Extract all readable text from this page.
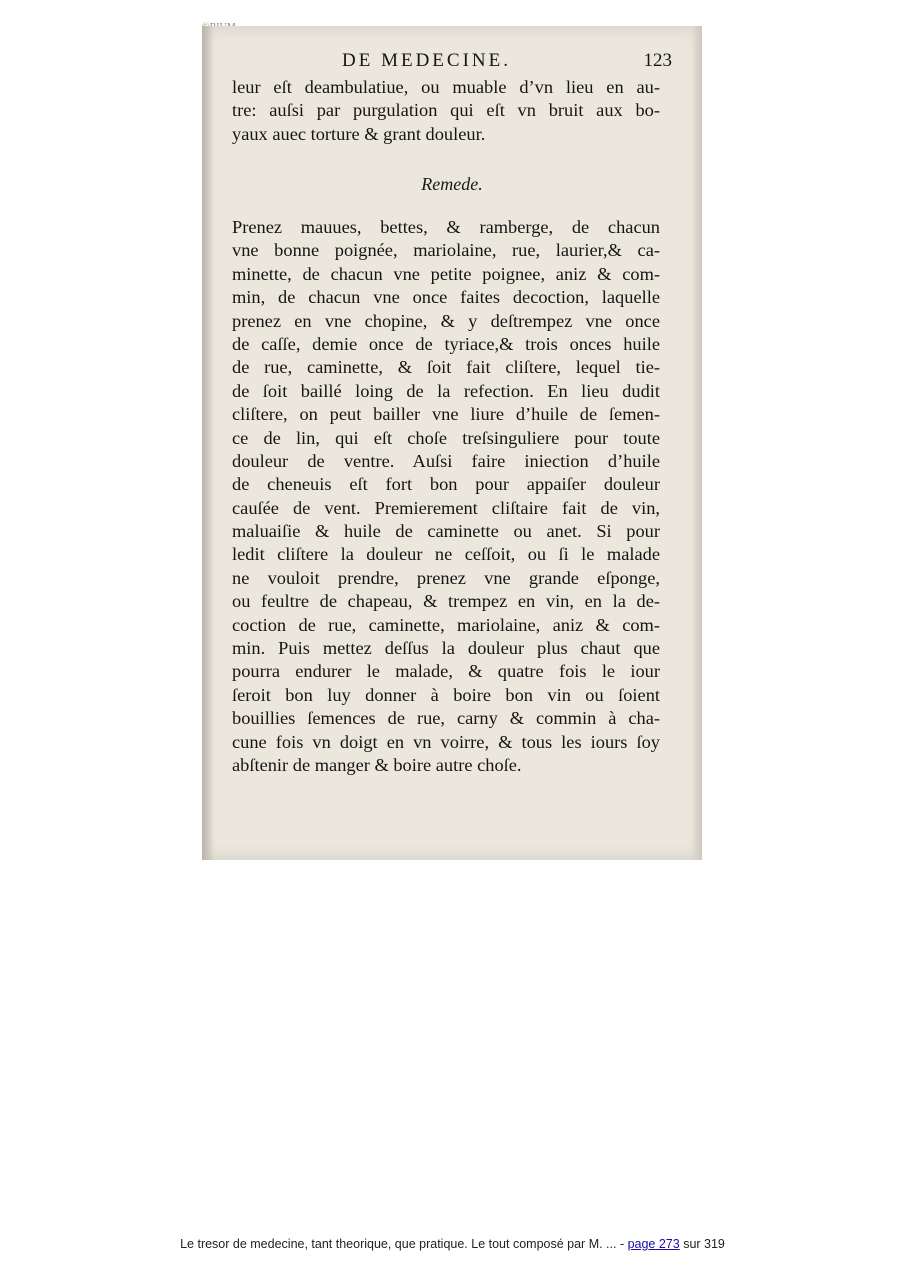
DE MEDECINE.	123
leur eſt deambulatiue, ou muable d’vn lieu en au-
tre: auſsi par purgulation qui eſt vn bruit aux bo-
yaux auec torture & grant douleur.
Remede.
Prenez mauues, bettes, & ramberge, de chacun
vne bonne poignée, mariolaine, rue, laurier,& ca-
minette, de chacun vne petite poignee, aniz & com-
min, de chacun vne once faites decoction, laquelle
prenez en vne chopine, & y deſtrempez vne once
de caſſe, demie once de tyriace,& trois onces huile
de rue, caminette, & ſoit fait cliſtere, lequel tie-
de ſoit baillé loing de la refection. En lieu dudit
cliſtere, on peut bailler vne liure d’huile de ſemen-
ce de lin, qui eſt choſe treſsinguliere pour toute
douleur de ventre. Auſsi faire iniection d’huile
de cheneuis eſt fort bon pour appaiſer douleur
cauſée de vent. Premierement cliſtaire fait de vin,
maluaiſie & huile de caminette ou anet. Si pour
ledit cliſtere la douleur ne ceſſoit, ou ſi le malade
ne vouloit prendre, prenez vne grande eſponge,
ou feultre de chapeau, & trempez en vin, en la de-
coction de rue, caminette, mariolaine, aniz & com-
min. Puis mettez deſſus la douleur plus chaut que
pourra endurer le malade, & quatre fois le iour
ſeroit bon luy donner à boire bon vin ou ſoient
bouillies ſemences de rue, carny & commin à cha-
cune fois vn doigt en vn voirre, & tous les iours ſoy
abſtenir de manger & boire autre choſe.
Le tresor de medecine, tant theorique, que pratique. Le tout composé par M. ... - page 273 sur 319
